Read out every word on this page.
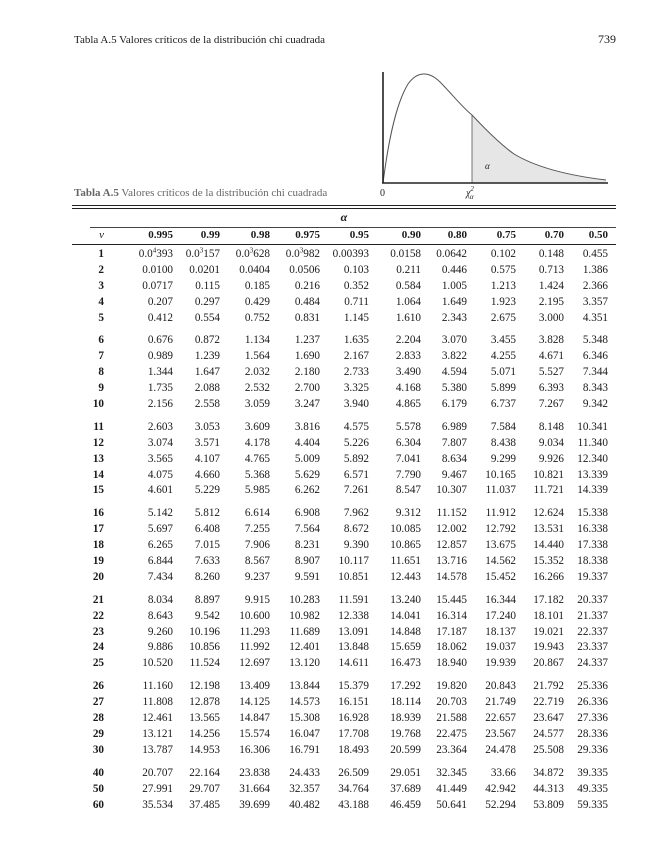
Tabla A.5 Valores críticos de la distribución chi cuadrada	739
α
0	$\chi^2$ α
Tabla A.5 Valores críticos de la distribución chi cuadrada
α
v	0.995	0.99	0.98 0.975	0.95	0.90 0.80	0.75	0.70 0.50
1	$0.0^4393$ $0.0^3157$ $0.0^3628$ $0.0^3982$ 0.00393 0.0158 0.0642 0.102 0.148 0.455
2	0.0100 0.0201 0.0404 0.0506 0.103 0.211 0.446 0.575 0.713 1.386
3	0.0717 0.115 0.185 0.216 0.352 0.584 1.005 1.213 1.424 2.366
4	0.207 0.297 0.429 0.484 0.711 1.064 1.649 1.923 2.195 3.357
5	0.412 0.554 0.752 0.831 1.145 1.610 2.343 2.675 3.000 4.351
6	0.676 0.872 1.134 1.237 1.635 2.204 3.070 3.455 3.828 5.348
7	0.989 1.239 1.564 1.690 2.167 2.833 3.822 4.255 4.671 6.346
8	1.344 1.647 2.032 2.180 2.733 3.490 4.594 5.071 5.527 7.344
9	1.735 2.088 2.532 2.700 3.325 4.168 5.380 5.899 6.393 8.343
10	2.156 2.558 3.059 3.247 3.940 4.865 6.179 6.737 7.267 9.342
11	2.603 3.053 3.609 3.816 4.575 5.578 6.989 7.584 8.148 10.341
12	3.074 3.571 4.178 4.404 5.226 6.304 7.807 8.438 9.034 11.340
13	3.565 4.107 4.765 5.009 5.892 7.041 8.634 9.299 9.926 12.340
14	4.075 4.660 5.368 5.629 6.571 7.790 9.467 10.165 10.821 13.339
15	4.601 5.229 5.985 6.262 7.261 8.547 10.307 11.037 11.721 14.339
16	5.142 5.812 6.614 6.908 7.962 9.312 11.152 11.912 12.624 15.338
17	5.697 6.408 7.255 7.564 8.672 10.085 12.002 12.792 13.531 16.338
18	6.265 7.015 7.906 8.231 9.390 10.865 12.857 13.675 14.440 17.338
19	6.844 7.633 8.567 8.907 10.117 11.651 13.716 14.562 15.352 18.338
20	7.434 8.260 9.237 9.591 10.851 12.443 14.578 15.452 16.266 19.337
21	8.034 8.897 9.915 10.283 11.591 13.240 15.445 16.344 17.182 20.337
22	8.643 9.542 10.600 10.982 12.338 14.041 16.314 17.240 18.101 21.337
23	9.260 10.196 11.293 11.689 13.091 14.848 17.187 18.137 19.021 22.337
24	9.886 10.856 11.992 12.401 13.848 15.659 18.062 19.037 19.943 23.337
25	10.520 11.524 12.697 13.120 14.611 16.473 18.940 19.939 20.867 24.337
26	11.160 12.198 13.409 13.844 15.379 17.292 19.820 20.843 21.792 25.336
27	11.808 12.878 14.125 14.573 16.151 18.114 20.703 21.749 22.719 26.336
28	12.461 13.565 14.847 15.308 16.928 18.939 21.588 22.657 23.647 27.336
29	13.121 14.256 15.574 16.047 17.708 19.768 22.475 23.567 24.577 28.336
30	13.787 14.953 16.306 16.791 18.493 20.599 23.364 24.478 25.508 29.336
40	20.707 22.164 23.838 24.433 26.509 29.051 32.345 33.66 34.872 39.335
50	27.991 29.707 31.664 32.357 34.764 37.689 41.449 42.942 44.313 49.335
60	35.534 37.485 39.699 40.482 43.188 46.459 50.641 52.294 53.809 59.335
